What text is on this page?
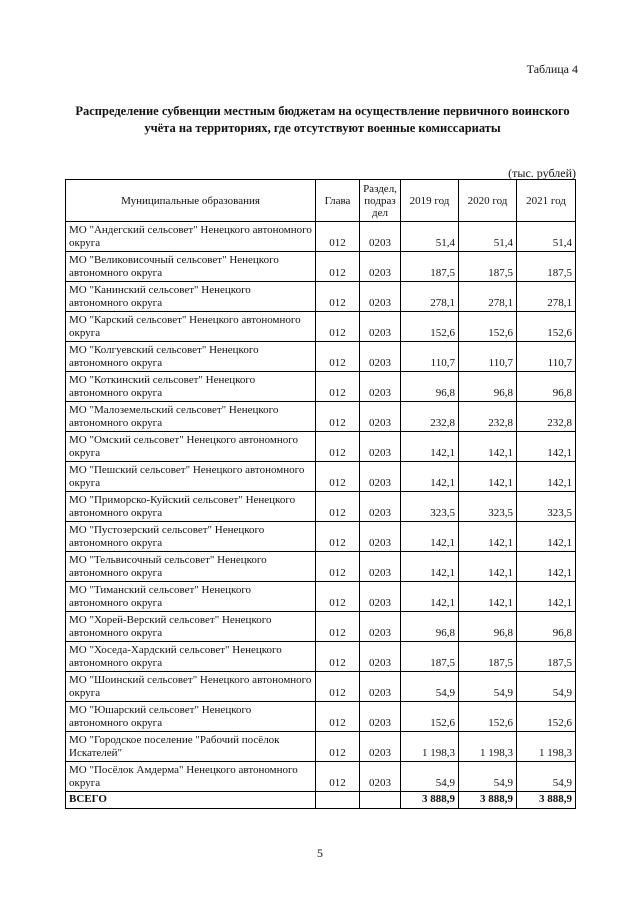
Таблица 4
Распределение субвенции местным бюджетам на осуществление первичного воинского учёта на территориях, где отсутствуют военные комиссариаты
(тыс. рублей)
Муниципальные образования	Глава	Раздел, подраз дел	2019 год	2020 год	2021 год
МО "Андегский сельсовет" Ненецкого автономного округа	012	0203	51,4	51,4	51,4
МО "Великовисочный сельсовет" Ненецкого автономного округа	012	0203	187,5	187,5	187,5
МО "Канинский сельсовет" Ненецкого автономного округа	012	0203	278,1	278,1	278,1
МО "Карский сельсовет" Ненецкого автономного округа	012	0203	152,6	152,6	152,6
МО "Колгуевский сельсовет" Ненецкого автономного округа	012	0203	110,7	110,7	110,7
МО "Коткинский сельсовет" Ненецкого автономного округа	012	0203	96,8	96,8	96,8
МО "Малоземельский сельсовет" Ненецкого автономного округа	012	0203	232,8	232,8	232,8
МО "Омский сельсовет" Ненецкого автономного округа	012	0203	142,1	142,1	142,1
МО "Пешский сельсовет" Ненецкого автономного округа	012	0203	142,1	142,1	142,1
МО "Приморско-Куйский сельсовет" Ненецкого автономного округа	012	0203	323,5	323,5	323,5
МО "Пустозерский сельсовет" Ненецкого автономного округа	012	0203	142,1	142,1	142,1
МО "Тельвисочный сельсовет" Ненецкого автономного округа	012	0203	142,1	142,1	142,1
МО "Тиманский сельсовет" Ненецкого автономного округа	012	0203	142,1	142,1	142,1
МО "Хорей-Верский сельсовет" Ненецкого автономного округа	012	0203	96,8	96,8	96,8
МО "Хоседа-Хардский сельсовет" Ненецкого автономного округа	012	0203	187,5	187,5	187,5
МО "Шоинский сельсовет" Ненецкого автономного округа	012	0203	54,9	54,9	54,9
МО "Юшарский сельсовет" Ненецкого автономного округа	012	0203	152,6	152,6	152,6
МО "Городское поселение "Рабочий посёлок Искателей"	012	0203	1 198,3	1 198,3	1 198,3
МО "Посёлок Амдерма" Ненецкого автономного округа	012	0203	54,9	54,9	54,9
ВСЕГО			3 888,9	3 888,9	3 888,9
5
